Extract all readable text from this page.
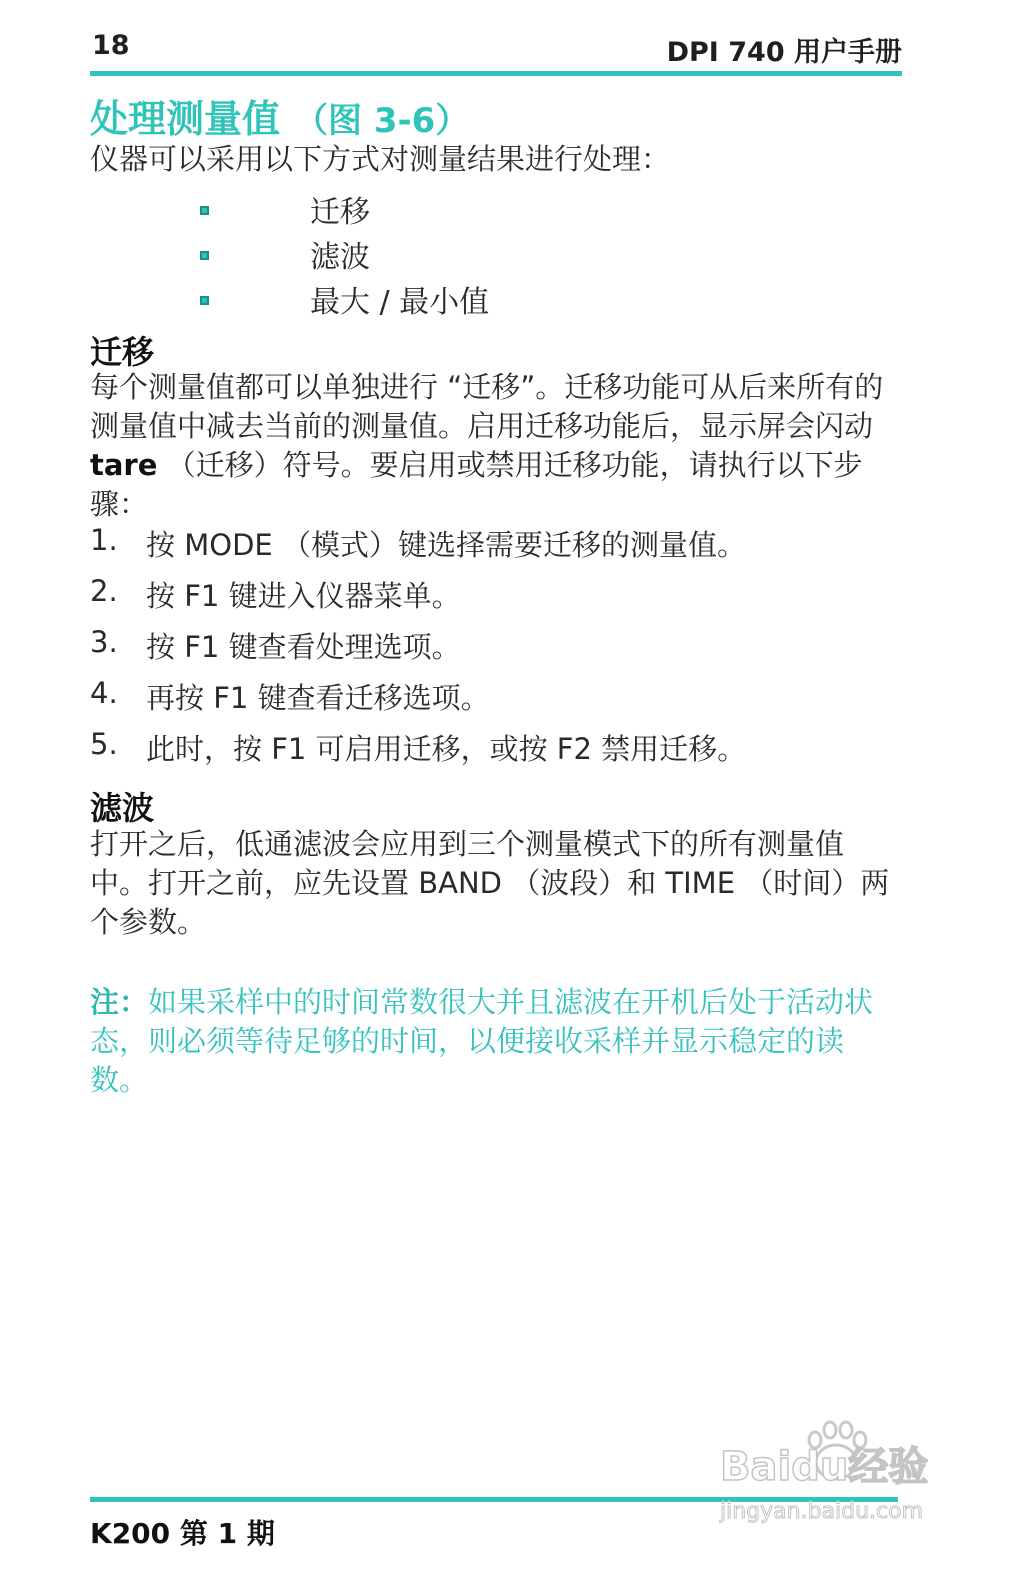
18	DPI 740 用户手册
处理测量值 （图 3-6）
仪器可以采用以下方式对测量结果进行处理：
迁移
滤波
最大 / 最小值
迁移
每个测量值都可以单独进行 “迁移”。迁移功能可从后来所有的测量值中减去当前的测量值。启用迁移功能后，显示屏会闪动 tare （迁移）符号。要启用或禁用迁移功能，请执行以下步骤：
1. 按 MODE （模式）键选择需要迁移的测量值。
2. 按 F1 键进入仪器菜单。
3. 按 F1 键查看处理选项。
4. 再按 F1 键查看迁移选项。
5. 此时，按 F1 可启用迁移，或按 F2 禁用迁移。
滤波
打开之后，低通滤波会应用到三个测量模式下的所有测量值中。打开之前，应先设置 BAND （波段）和 TIME （时间）两个参数。
注：如果采样中的时间常数很大并且滤波在开机后处于活动状态，则必须等待足够的时间，以便接收采样并显示稳定的读数。
K200 第 1 期
Baidu经验
jingyan.baidu.com
